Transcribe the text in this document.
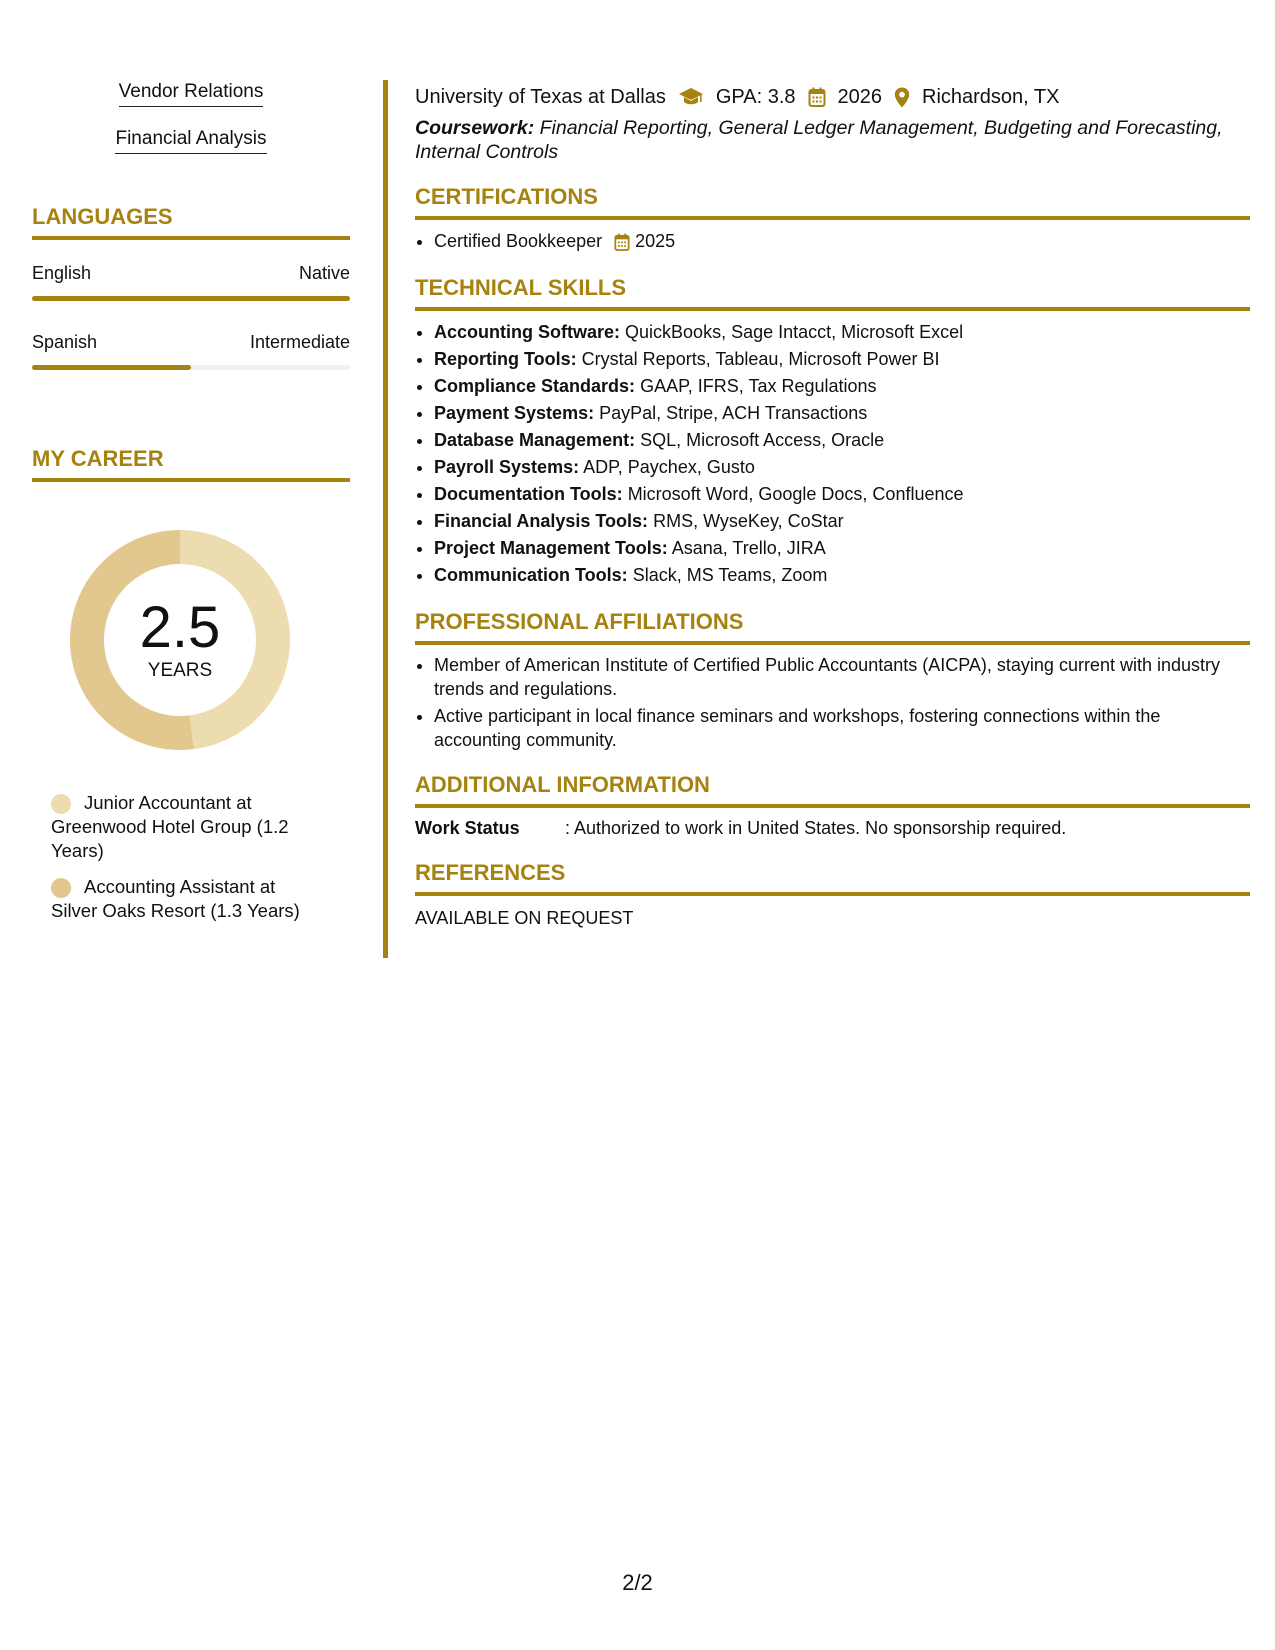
Vendor Relations
Financial Analysis
LANGUAGES
English	Native
Spanish	Intermediate
MY CAREER
2.5
YEARS
Junior Accountant at Greenwood Hotel Group (1.2 Years)
Accounting Assistant at Silver Oaks Resort (1.3 Years)
University of Texas at Dallas	GPA: 3.8 2026 Richardson, TX
Coursework: Financial Reporting, General Ledger Management, Budgeting and Forecasting, Internal Controls
CERTIFICATIONS
• Certified Bookkeeper 2025
TECHNICAL SKILLS
• Accounting Software: QuickBooks, Sage Intacct, Microsoft Excel
• Reporting Tools: Crystal Reports, Tableau, Microsoft Power BI
• Compliance Standards: GAAP, IFRS, Tax Regulations
• Payment Systems: PayPal, Stripe, ACH Transactions
• Database Management: SQL, Microsoft Access, Oracle
• Payroll Systems: ADP, Paychex, Gusto
• Documentation Tools: Microsoft Word, Google Docs, Confluence
• Financial Analysis Tools: RMS, WyseKey, CoStar
• Project Management Tools: Asana, Trello, JIRA
• Communication Tools: Slack, MS Teams, Zoom
PROFESSIONAL AFFILIATIONS
• Member of American Institute of Certified Public Accountants (AICPA), staying current with industry trends and regulations.
• Active participant in local finance seminars and workshops, fostering connections within the accounting community.
ADDITIONAL INFORMATION
Work Status	: Authorized to work in United States. No sponsorship required.
REFERENCES
AVAILABLE ON REQUEST
2/2
